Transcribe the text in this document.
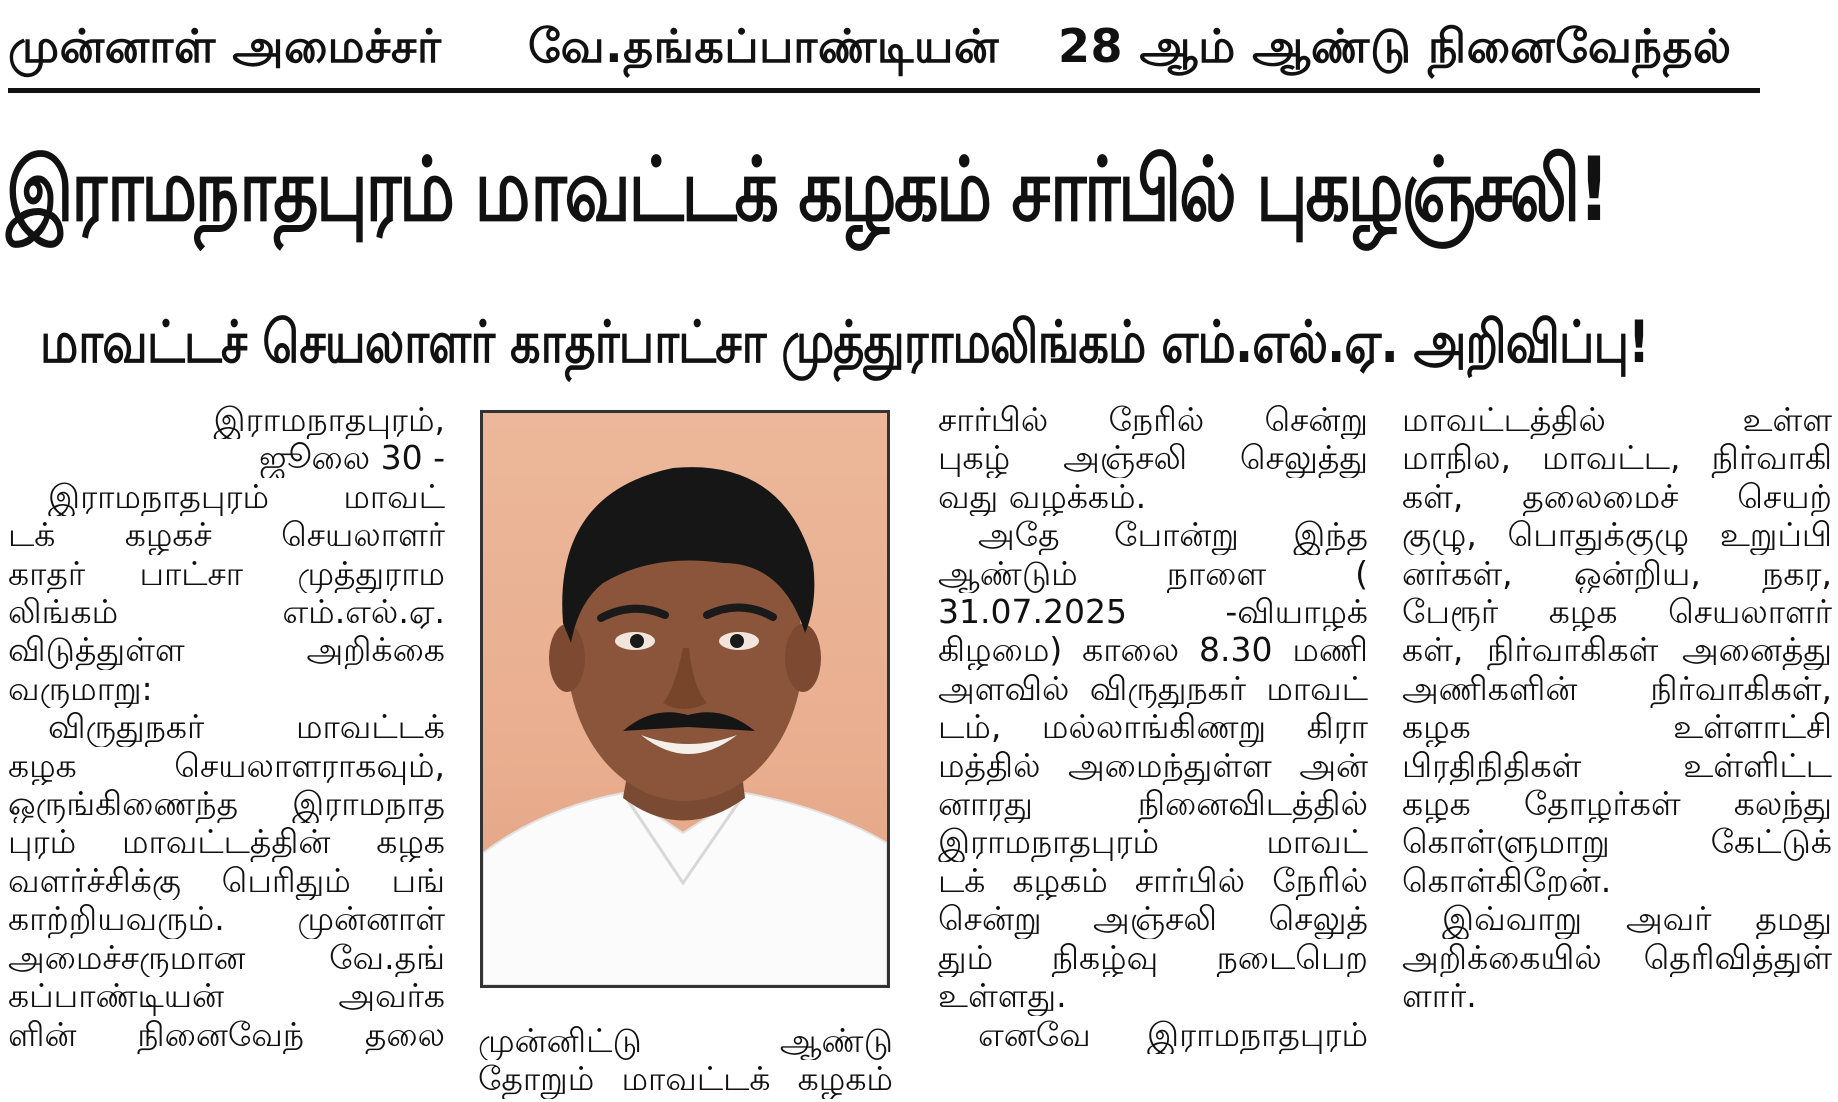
முன்னாள் அமைச்சர் வே.தங்கப்பாண்டியன் 28 ஆம் ஆண்டு நினைவேந்தல்
இராமநாதபுரம் மாவட்டக் கழகம் சார்பில் புகழஞ்சலி!
மாவட்டச் செயலாளர் காதர்பாட்சா முத்துராமலிங்கம் எம்.எல்.ஏ. அறிவிப்பு!

இராமநாதபுரம்,

ஜூலை 30 -

இராமநாதபுரம் மாவட்

டக் கழகச் செயலாளர்

காதர் பாட்சா முத்துராம

லிங்கம் எம்.எல்.ஏ.

விடுத்துள்ள அறிக்கை

வருமாறு:

விருதுநகர் மாவட்டக்

கழக செயலாளராகவும்,

ஒருங்கிணைந்த இராமநாத

புரம் மாவட்டத்தின் கழக

வளர்ச்சிக்கு பெரிதும் பங்

காற்றியவரும். முன்னாள்

அமைச்சருமான வே.தங்

கப்பாண்டியன் அவர்க

ளின் நினைவேந் தலை முன்னிட்டு ஆண்டு

தோறும் மாவட்டக் கழகம்

சார்பில் நேரில் சென்று

புகழ் அஞ்சலி செலுத்து

வது வழக்கம்.

அதே போன்று இந்த

ஆண்டும் நாளை (

31.07.2025 -வியாழக்

கிழமை) காலை 8.30 மணி

அளவில் விருதுநகர் மாவட்

டம், மல்லாங்கிணறு கிரா

மத்தில் அமைந்துள்ள அன்

னாரது நினைவிடத்தில்

இராமநாதபுரம் மாவட்

டக் கழகம் சார்பில் நேரில்

சென்று அஞ்சலி செலுத்

தும் நிகழ்வு நடைபெற

உள்ளது.

எனவே இராமநாதபுரம்

மாவட்டத்தில் உள்ள

மாநில, மாவட்ட, நிர்வாகி

கள், தலைமைச் செயற்

குழு, பொதுக்குழு உறுப்பி

னர்கள், ஒன்றிய, நகர,

பேரூர் கழக செயலாளர்

கள், நிர்வாகிகள் அனைத்து

அணிகளின் நிர்வாகிகள்,

கழக உள்ளாட்சி

பிரதிநிதிகள் உள்ளிட்ட

கழக தோழர்கள் கலந்து

கொள்ளுமாறு கேட்டுக்

கொள்கிறேன்.

இவ்வாறு அவர் தமது

அறிக்கையில் தெரிவித்துள்

ளார்.
